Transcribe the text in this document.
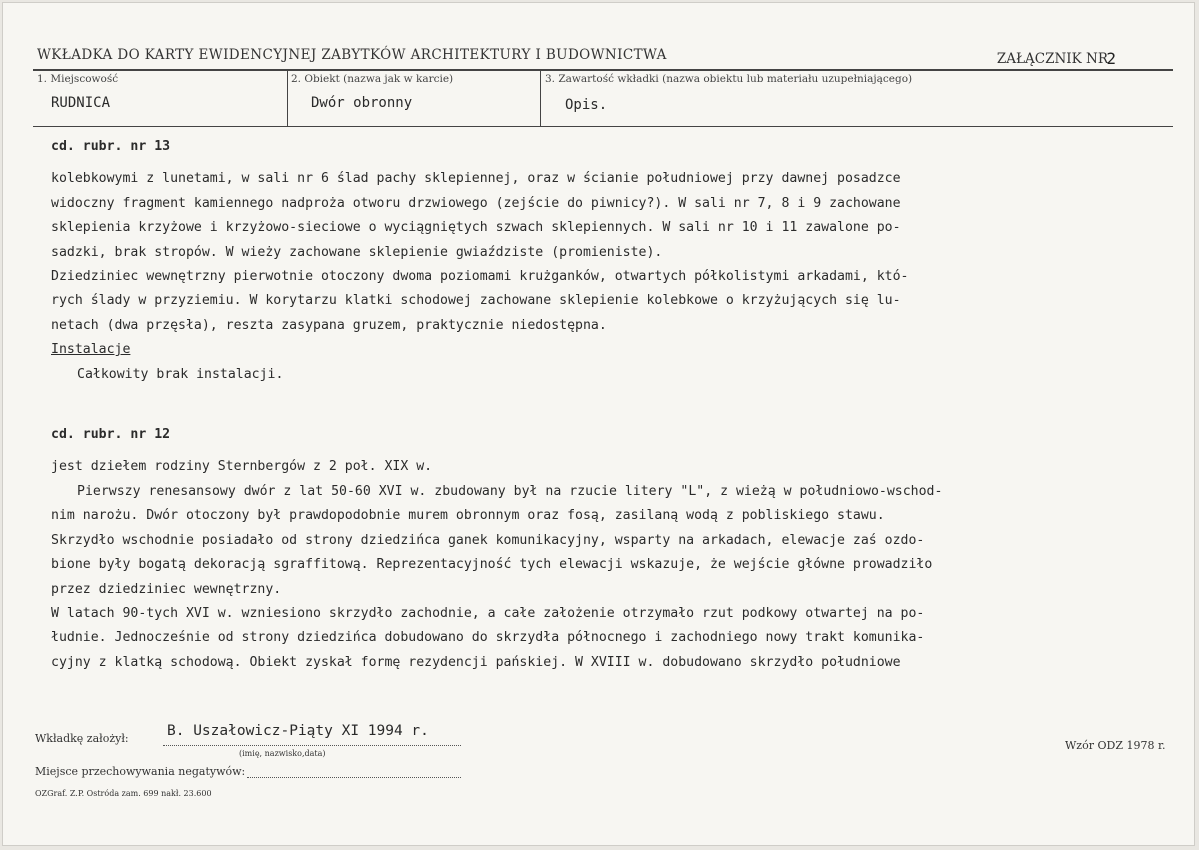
WKŁADKA DO KARTY EWIDENCYJNEJ ZABYTKÓW ARCHITEKTURY I BUDOWNICTWA	ZAŁĄCZNIK NR
2
1. Miejscowość
RUDNICA
2. Obiekt (nazwa jak w karcie)
Dwór obronny
3. Zawartość wkładki (nazwa obiektu lub materiału uzupełniającego)
Opis.

cd. rubr. nr 13

kolebkowymi z lunetami, w sali nr 6 ślad pachy sklepiennej, oraz w ścianie południowej przy dawnej posadzce

widoczny fragment kamiennego nadproża otworu drzwiowego (zejście do piwnicy?). W sali nr 7, 8 i 9 zachowane

sklepienia krzyżowe i krzyżowo-sieciowe o wyciągniętych szwach sklepiennych. W sali nr 10 i 11 zawalone po-

sadzki, brak stropów. W wieży zachowane sklepienie gwiaździste (promieniste).

Dziedziniec wewnętrzny pierwotnie otoczony dwoma poziomami krużganków, otwartych półkolistymi arkadami, któ-

rych ślady w przyziemiu. W korytarzu klatki schodowej zachowane sklepienie kolebkowe o krzyżujących się lu-

netach (dwa przęsła), reszta zasypana gruzem, praktycznie niedostępna.

Instalacje

Całkowity brak instalacji.

cd. rubr. nr 12

jest dziełem rodziny Sternbergów z 2 poł. XIX w.

Pierwszy renesansowy dwór z lat 50-60 XVI w. zbudowany był na rzucie litery "L", z wieżą w południowo-wschod-

nim narożu. Dwór otoczony był prawdopodobnie murem obronnym oraz fosą, zasilaną wodą z pobliskiego stawu.

Skrzydło wschodnie posiadało od strony dziedzińca ganek komunikacyjny, wsparty na arkadach, elewacje zaś ozdo-

bione były bogatą dekoracją sgraffitową. Reprezentacyjność tych elewacji wskazuje, że wejście główne prowadziło

przez dziedziniec wewnętrzny.

W latach 90-tych XVI w. wzniesiono skrzydło zachodnie, a całe założenie otrzymało rzut podkowy otwartej na po-

łudnie. Jednocześnie od strony dziedzińca dobudowano do skrzydła północnego i zachodniego nowy trakt komunika-

cyjny z klatką schodową. Obiekt zyskał formę rezydencji pańskiej. W XVIII w. dobudowano skrzydło południowe

Wkładkę założył:	B. Uszałowicz-Piąty XI 1994 r.
(imię, nazwisko,data)
Miejsce przechowywania negatywów:
Wzór ODZ 1978 r.
OZGraf. Z.P. Ostróda zam. 699 nakł. 23.600
